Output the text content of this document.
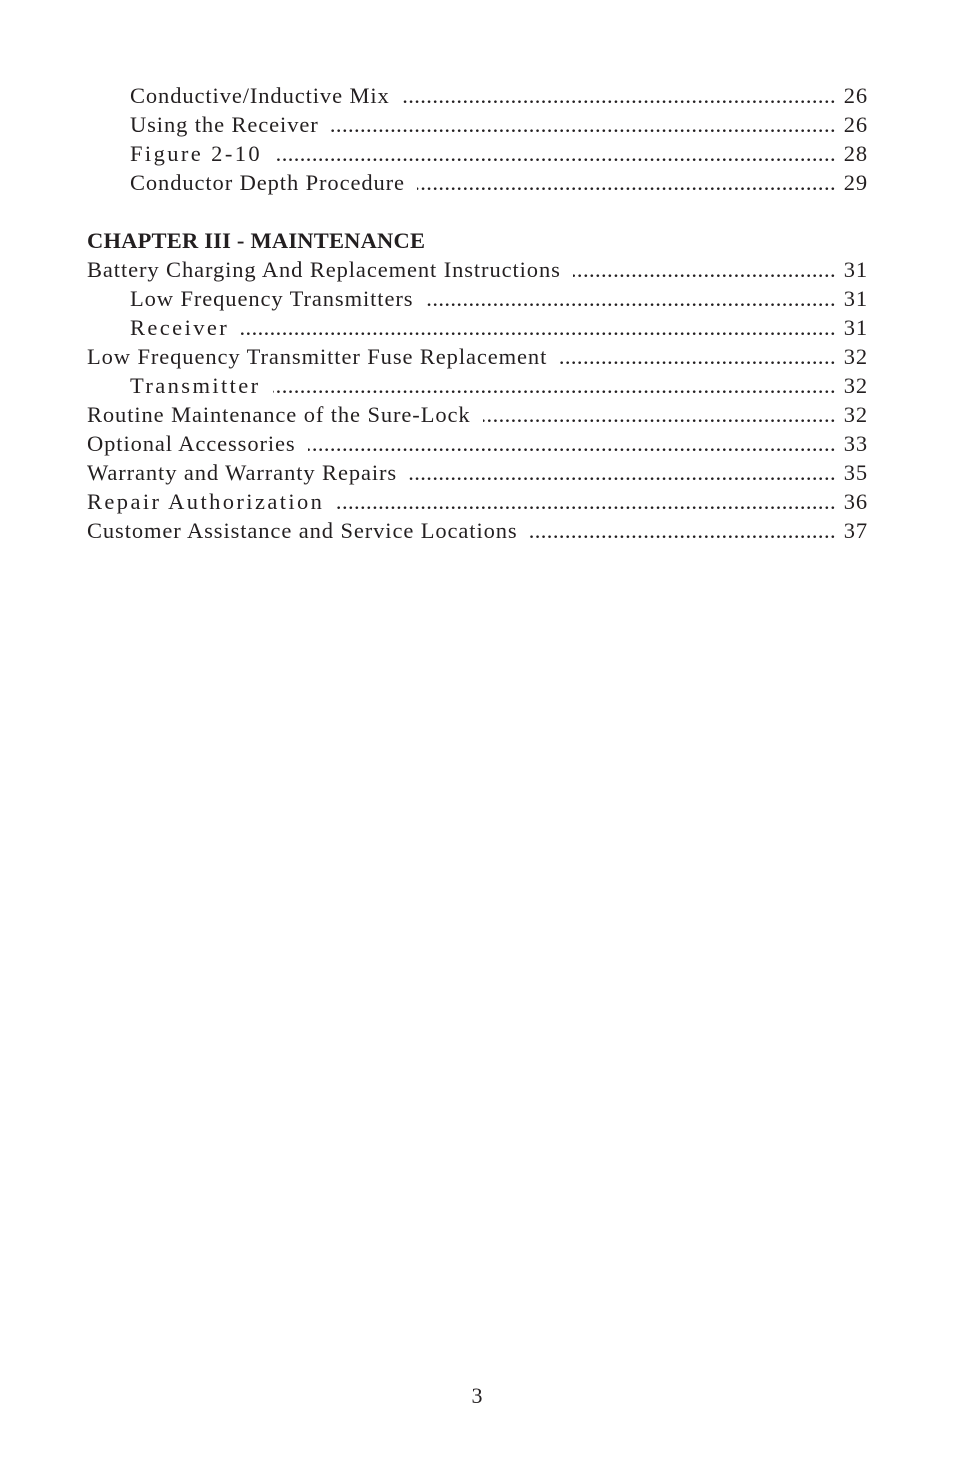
Conductive/Inductive Mix .....	26
Using the Receiver .....	26
Figure 2-10 .....	28
Conductor Depth Procedure .....	29
CHAPTER III - MAINTENANCE
Battery Charging And Replacement Instructions .....	31
Low Frequency Transmitters .....	31
Receiver .....	31
Low Frequency Transmitter Fuse Replacement .....	32
Transmitter .....	32
Routine Maintenance of the Sure-Lock .....	32
Optional Accessories .....	33
Warranty and Warranty Repairs .....	35
Repair Authorization .....	36
Customer Assistance and Service Locations .....	37
3
